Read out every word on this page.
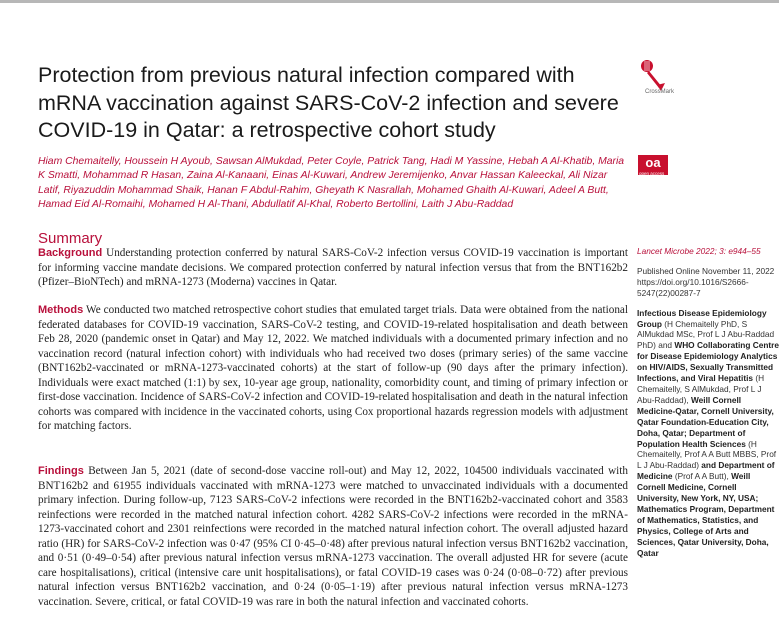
Protection from previous natural infection compared with mRNA vaccination against SARS-CoV-2 infection and severe COVID-19 in Qatar: a retrospective cohort study
Hiam Chemaitelly, Houssein H Ayoub, Sawsan AlMukdad, Peter Coyle, Patrick Tang, Hadi M Yassine, Hebah A Al-Khatib, Maria K Smatti, Mohammad R Hasan, Zaina Al-Kanaani, Einas Al-Kuwari, Andrew Jeremijenko, Anvar Hassan Kaleeckal, Ali Nizar Latif, Riyazuddin Mohammad Shaik, Hanan F Abdul-Rahim, Gheyath K Nasrallah, Mohamed Ghaith Al-Kuwari, Adeel A Butt, Hamad Eid Al-Romaihi, Mohamed H Al-Thani, Abdullatif Al-Khal, Roberto Bertollini, Laith J Abu-Raddad
CrossMark
oa
open access
Summary

Background Understanding protection conferred by natural SARS-CoV-2 infection versus COVID-19 vaccination is important for informing vaccine mandate decisions. We compared protection conferred by natural infection versus that from the BNT162b2 (Pfizer–BioNTech) and mRNA-1273 (Moderna) vaccines in Qatar.

Methods We conducted two matched retrospective cohort studies that emulated target trials. Data were obtained from the national federated databases for COVID-19 vaccination, SARS-CoV-2 testing, and COVID-19-related hospitalisation and death between Feb 28, 2020 (pandemic onset in Qatar) and May 12, 2022. We matched individuals with a documented primary infection and no vaccination record (natural infection cohort) with individuals who had received two doses (primary series) of the same vaccine (BNT162b2-vaccinated or mRNA-1273-vaccinated cohorts) at the start of follow-up (90 days after the primary infection). Individuals were exact matched (1:1) by sex, 10-year age group, nationality, comorbidity count, and timing of primary infection or first-dose vaccination. Incidence of SARS-CoV-2 infection and COVID-19-related hospitalisation and death in the natural infection cohorts was compared with incidence in the vaccinated cohorts, using Cox proportional hazards regression models with adjustment for matching factors.

Findings Between Jan 5, 2021 (date of second-dose vaccine roll-out) and May 12, 2022, 104500 individuals vaccinated with BNT162b2 and 61955 individuals vaccinated with mRNA-1273 were matched to unvaccinated individuals with a documented primary infection. During follow-up, 7123 SARS-CoV-2 infections were recorded in the BNT162b2-vaccinated cohort and 3583 reinfections were recorded in the matched natural infection cohort. 4282 SARS-CoV-2 infections were recorded in the mRNA-1273-vaccinated cohort and 2301 reinfections were recorded in the matched natural infection cohort. The overall adjusted hazard ratio (HR) for SARS-CoV-2 infection was 0·47 (95% CI 0·45–0·48) after previous natural infection versus BNT162b2 vaccination, and 0·51 (0·49–0·54) after previous natural infection versus mRNA-1273 vaccination. The overall adjusted HR for severe (acute care hospitalisations), critical (intensive care unit hospitalisations), or fatal COVID-19 cases was 0·24 (0·08–0·72) after previous natural infection versus BNT162b2 vaccination, and 0·24 (0·05–1·19) after previous natural infection versus mRNA-1273 vaccination. Severe, critical, or fatal COVID-19 was rare in both the natural infection and vaccinated cohorts.

Lancet Microbe 2022; 3: e944–55
Published Online November 11, 2022 https://doi.org/10.1016/S2666-5247(22)00287-7
Infectious Disease Epidemiology Group (H Chemaitelly PhD, S AlMukdad MSc, Prof L J Abu-Raddad PhD) and WHO Collaborating Centre for Disease Epidemiology Analytics on HIV/AIDS, Sexually Transmitted Infections, and Viral Hepatitis (H Chemaitelly, S AlMukdad, Prof L J Abu-Raddad), Weill Cornell Medicine-Qatar, Cornell University, Qatar Foundation-Education City, Doha, Qatar; Department of Population Health Sciences (H Chemaitelly, Prof A A Butt MBBS, Prof L J Abu-Raddad) and Department of Medicine (Prof A A Butt), Weill Cornell Medicine, Cornell University, New York, NY, USA; Mathematics Program, Department of Mathematics, Statistics, and Physics, College of Arts and Sciences, Qatar University, Doha, Qatar
